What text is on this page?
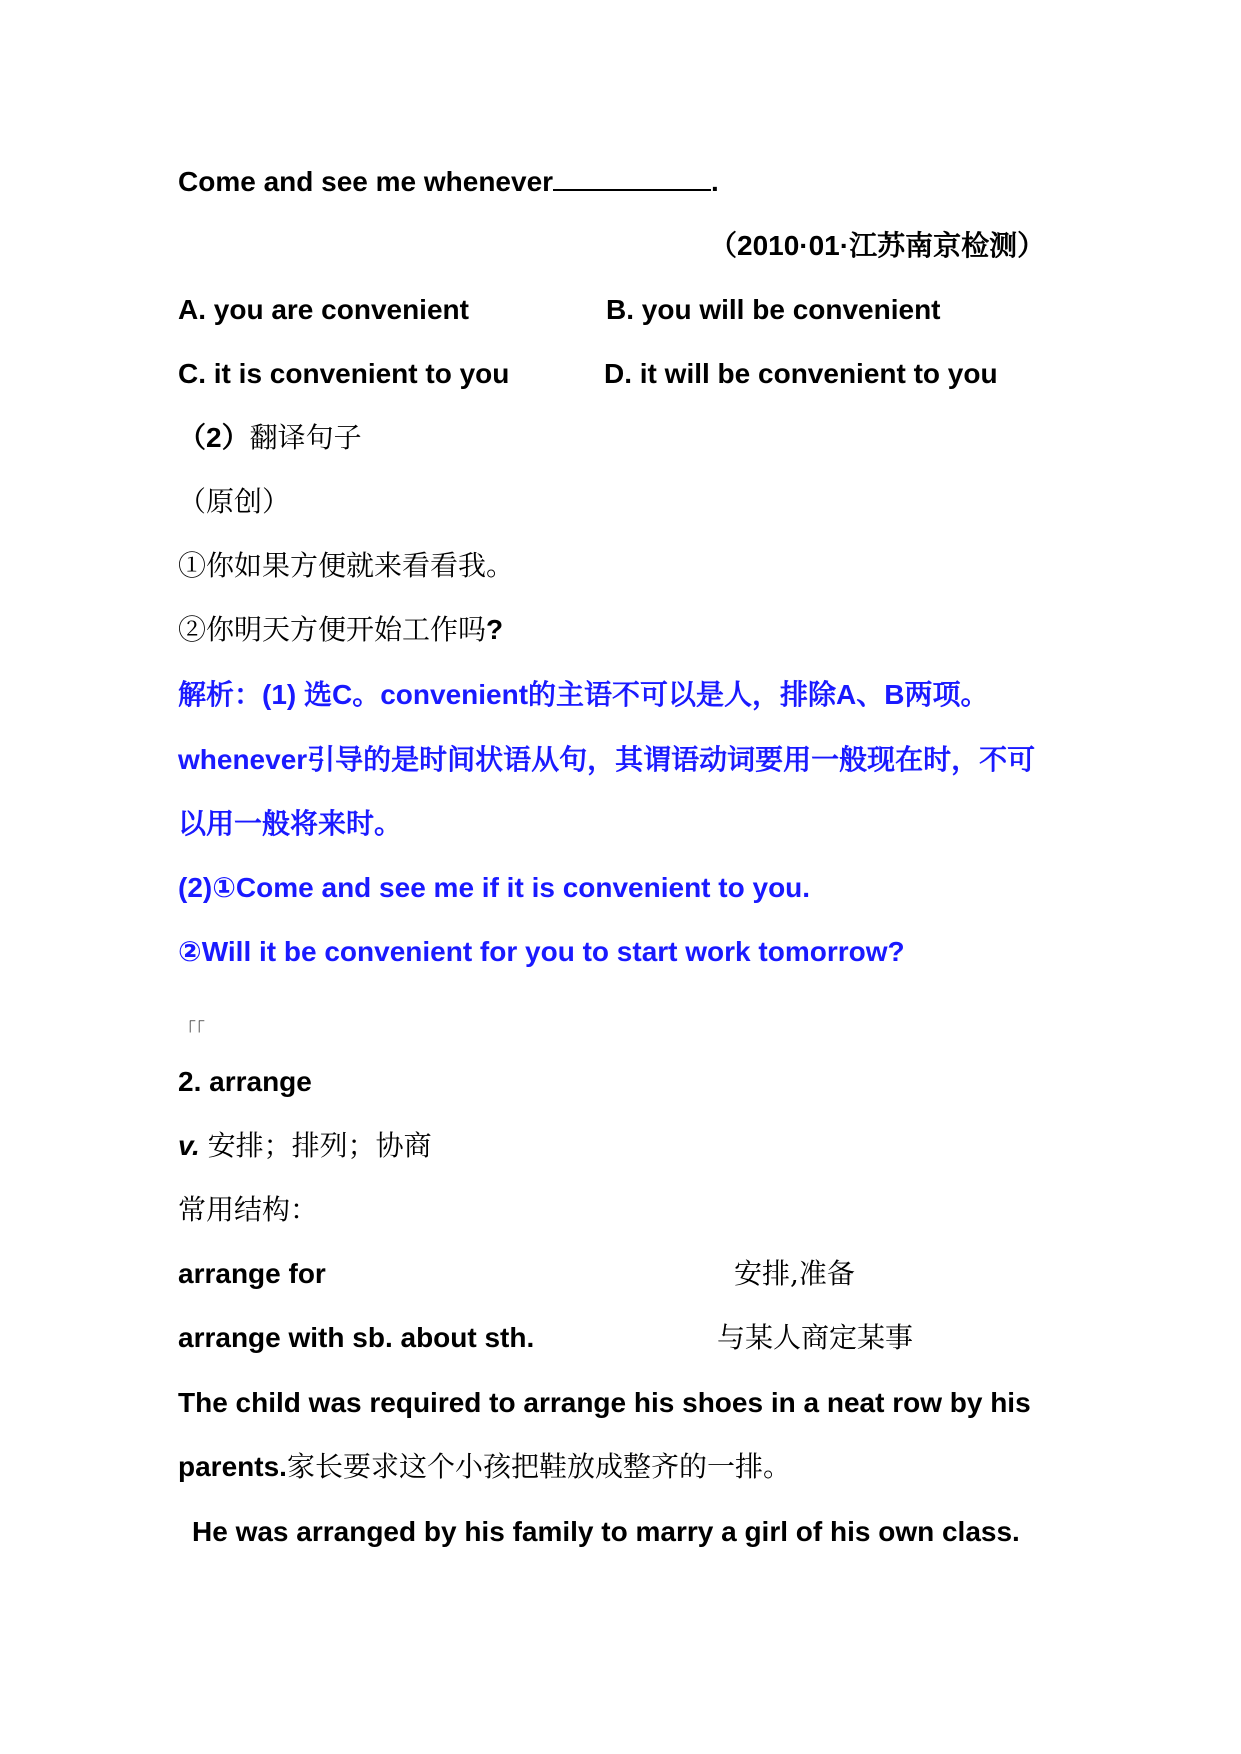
Come and see me whenever	.
（2010·01·江苏南京检测）
A. you are convenient	B. you will be convenient
C. it is convenient to you	D. it will be convenient to you
（2）翻译句子
（原创）
①你如果方便就来看看我。
②你明天方便开始工作吗?
解析：(1) 选C。convenient的主语不可以是人，排除A、B两项。
whenever引导的是时间状语从句，其谓语动词要用一般现在时，不可
以用一般将来时。
(2)①Come and see me if it is convenient to you.
②Will it be convenient for you to start work tomorrow?
「「
2. arrange
v. 安排；排列；协商
常用结构：
arrange for	安排,准备
arrange with sb. about sth.	与某人商定某事
The child was required to arrange his shoes in a neat row by his
parents.家长要求这个小孩把鞋放成整齐的一排。
He was arranged by his family to marry a girl of his own class.
